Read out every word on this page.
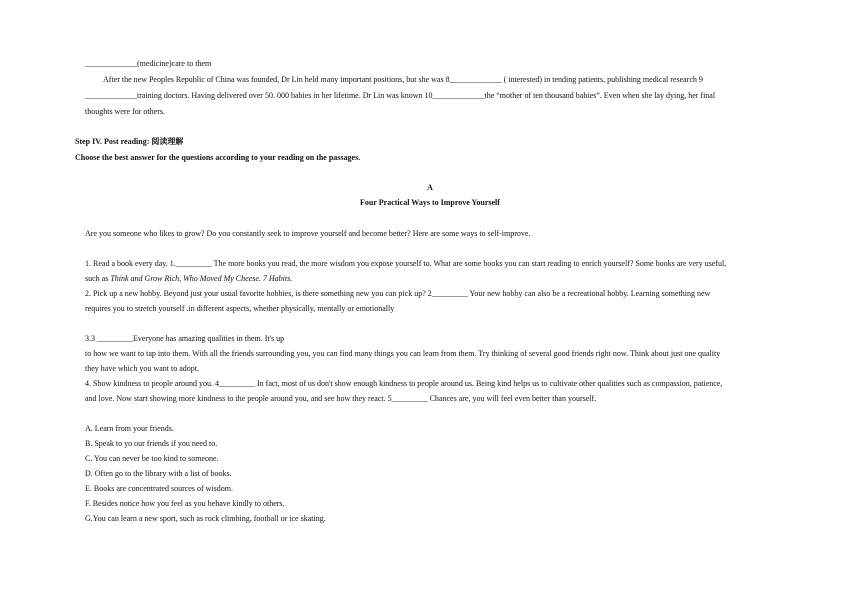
_____________(medicine)care to them
After the new Peoples Republic of China was founded, Dr Lin held many important positions, but she was 8_____________ ( interested) in tending patients, publishing medical research 9
_____________training doctors. Having delivered over 50. 000 babies in her lifetime. Dr Lin was known 10_____________the “mother of ten thousand babies”. Even when she lay dying, her final
thoughts were for others.
Step IV. Post reading: 阅读理解
Choose the best answer for the questions according to your reading on the passages.
A
Four Practical Ways to Improve Yourself
Are you someone who likes to grow? Do you constantly seek to improve yourself and become better? Here are some ways to self-improve.
1. Read a book every day. 1._________ The more books you read, the more wisdom you expose yourself to. What are some books you can start reading to enrich yourself? Some books are very useful,
such as Think and Grow Rich, Who Moved My Cheese. 7 Habits.
2. Pick up a new hobby. Beyond just your usual favorite hobbies, is there something new you can pick up? 2_________ Your new hobby can also be a recreational hobby. Learning something new
requires you to stretch yourself .in different aspects, whether physically, mentally or emotionally
3.3 _________Everyone has amazing qualities in them. It's up
to how we want to tap into them. With all the friends surrounding you, you can find many things you can learn from them. Try thinking of several good friends right now. Think about just one quality
they have which you want to adopt.
4. Show kindness to people around you. 4_________ In fact, most of us don't show enough kindness to people around us. Being kind helps us to cultivate other qualities such as compassion, patience,
and love. Now start showing more kindness to the people around you, and see how they react. 5_________ Chances are, you will feel even better than yourself.
A. Learn from your friends.
B. Speak to yo our friends if you need to.
C. You can never be too kind to someone.
D. Often go to the library with a list of books.
E. Books are concentrated sources of wisdom.
F. Besides notice how you feel as you behave kindly to others.
G.You can learn a new sport, such as rock climbing, football or ice skating.
